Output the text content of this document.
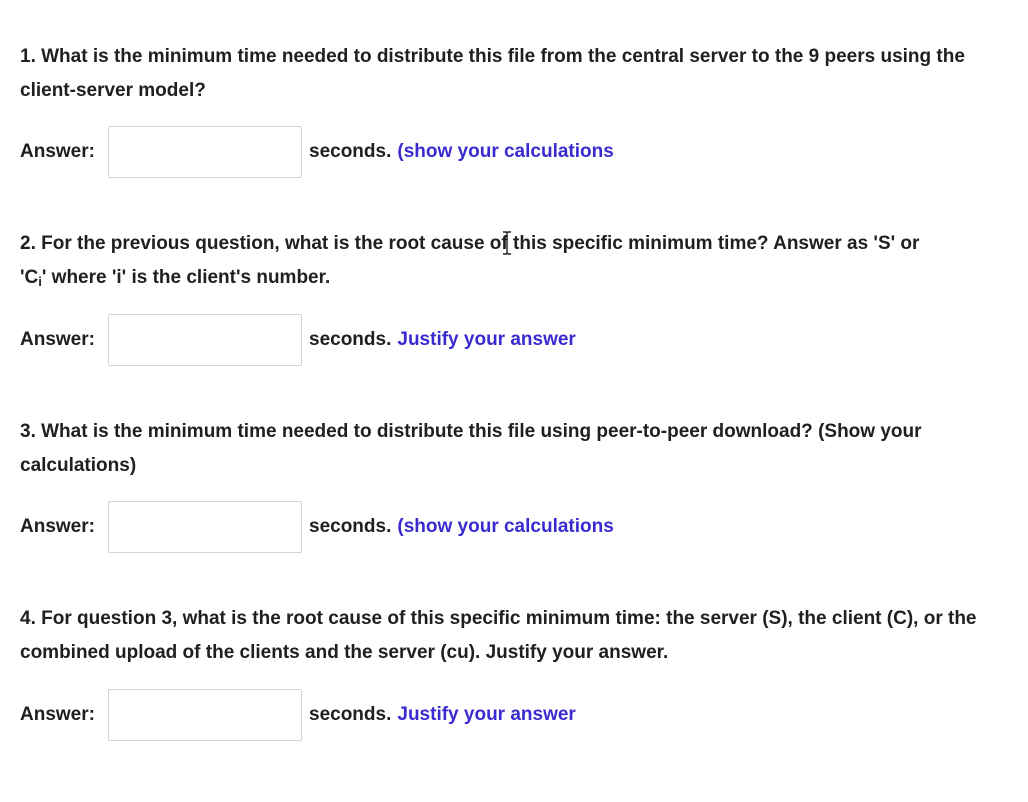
1. What is the minimum time needed to distribute this file from the central server to the 9 peers using the client-server model?

Answer:	seconds. (show your calculations

2. For the previous question, what is the root cause of
this specific minimum time? Answer as 'S' or
'$C_i$' where 'i' is the client's number.

Answer:	seconds. Justify your answer

3. What is the minimum time needed to distribute this file using peer-to-peer download? (Show your calculations)

Answer:	seconds. (show your calculations

4. For question 3, what is the root cause of this specific minimum time: the server (S), the client (C), or the combined upload of the clients and the server (cu). Justify your answer.

Answer:	seconds. Justify your answer
